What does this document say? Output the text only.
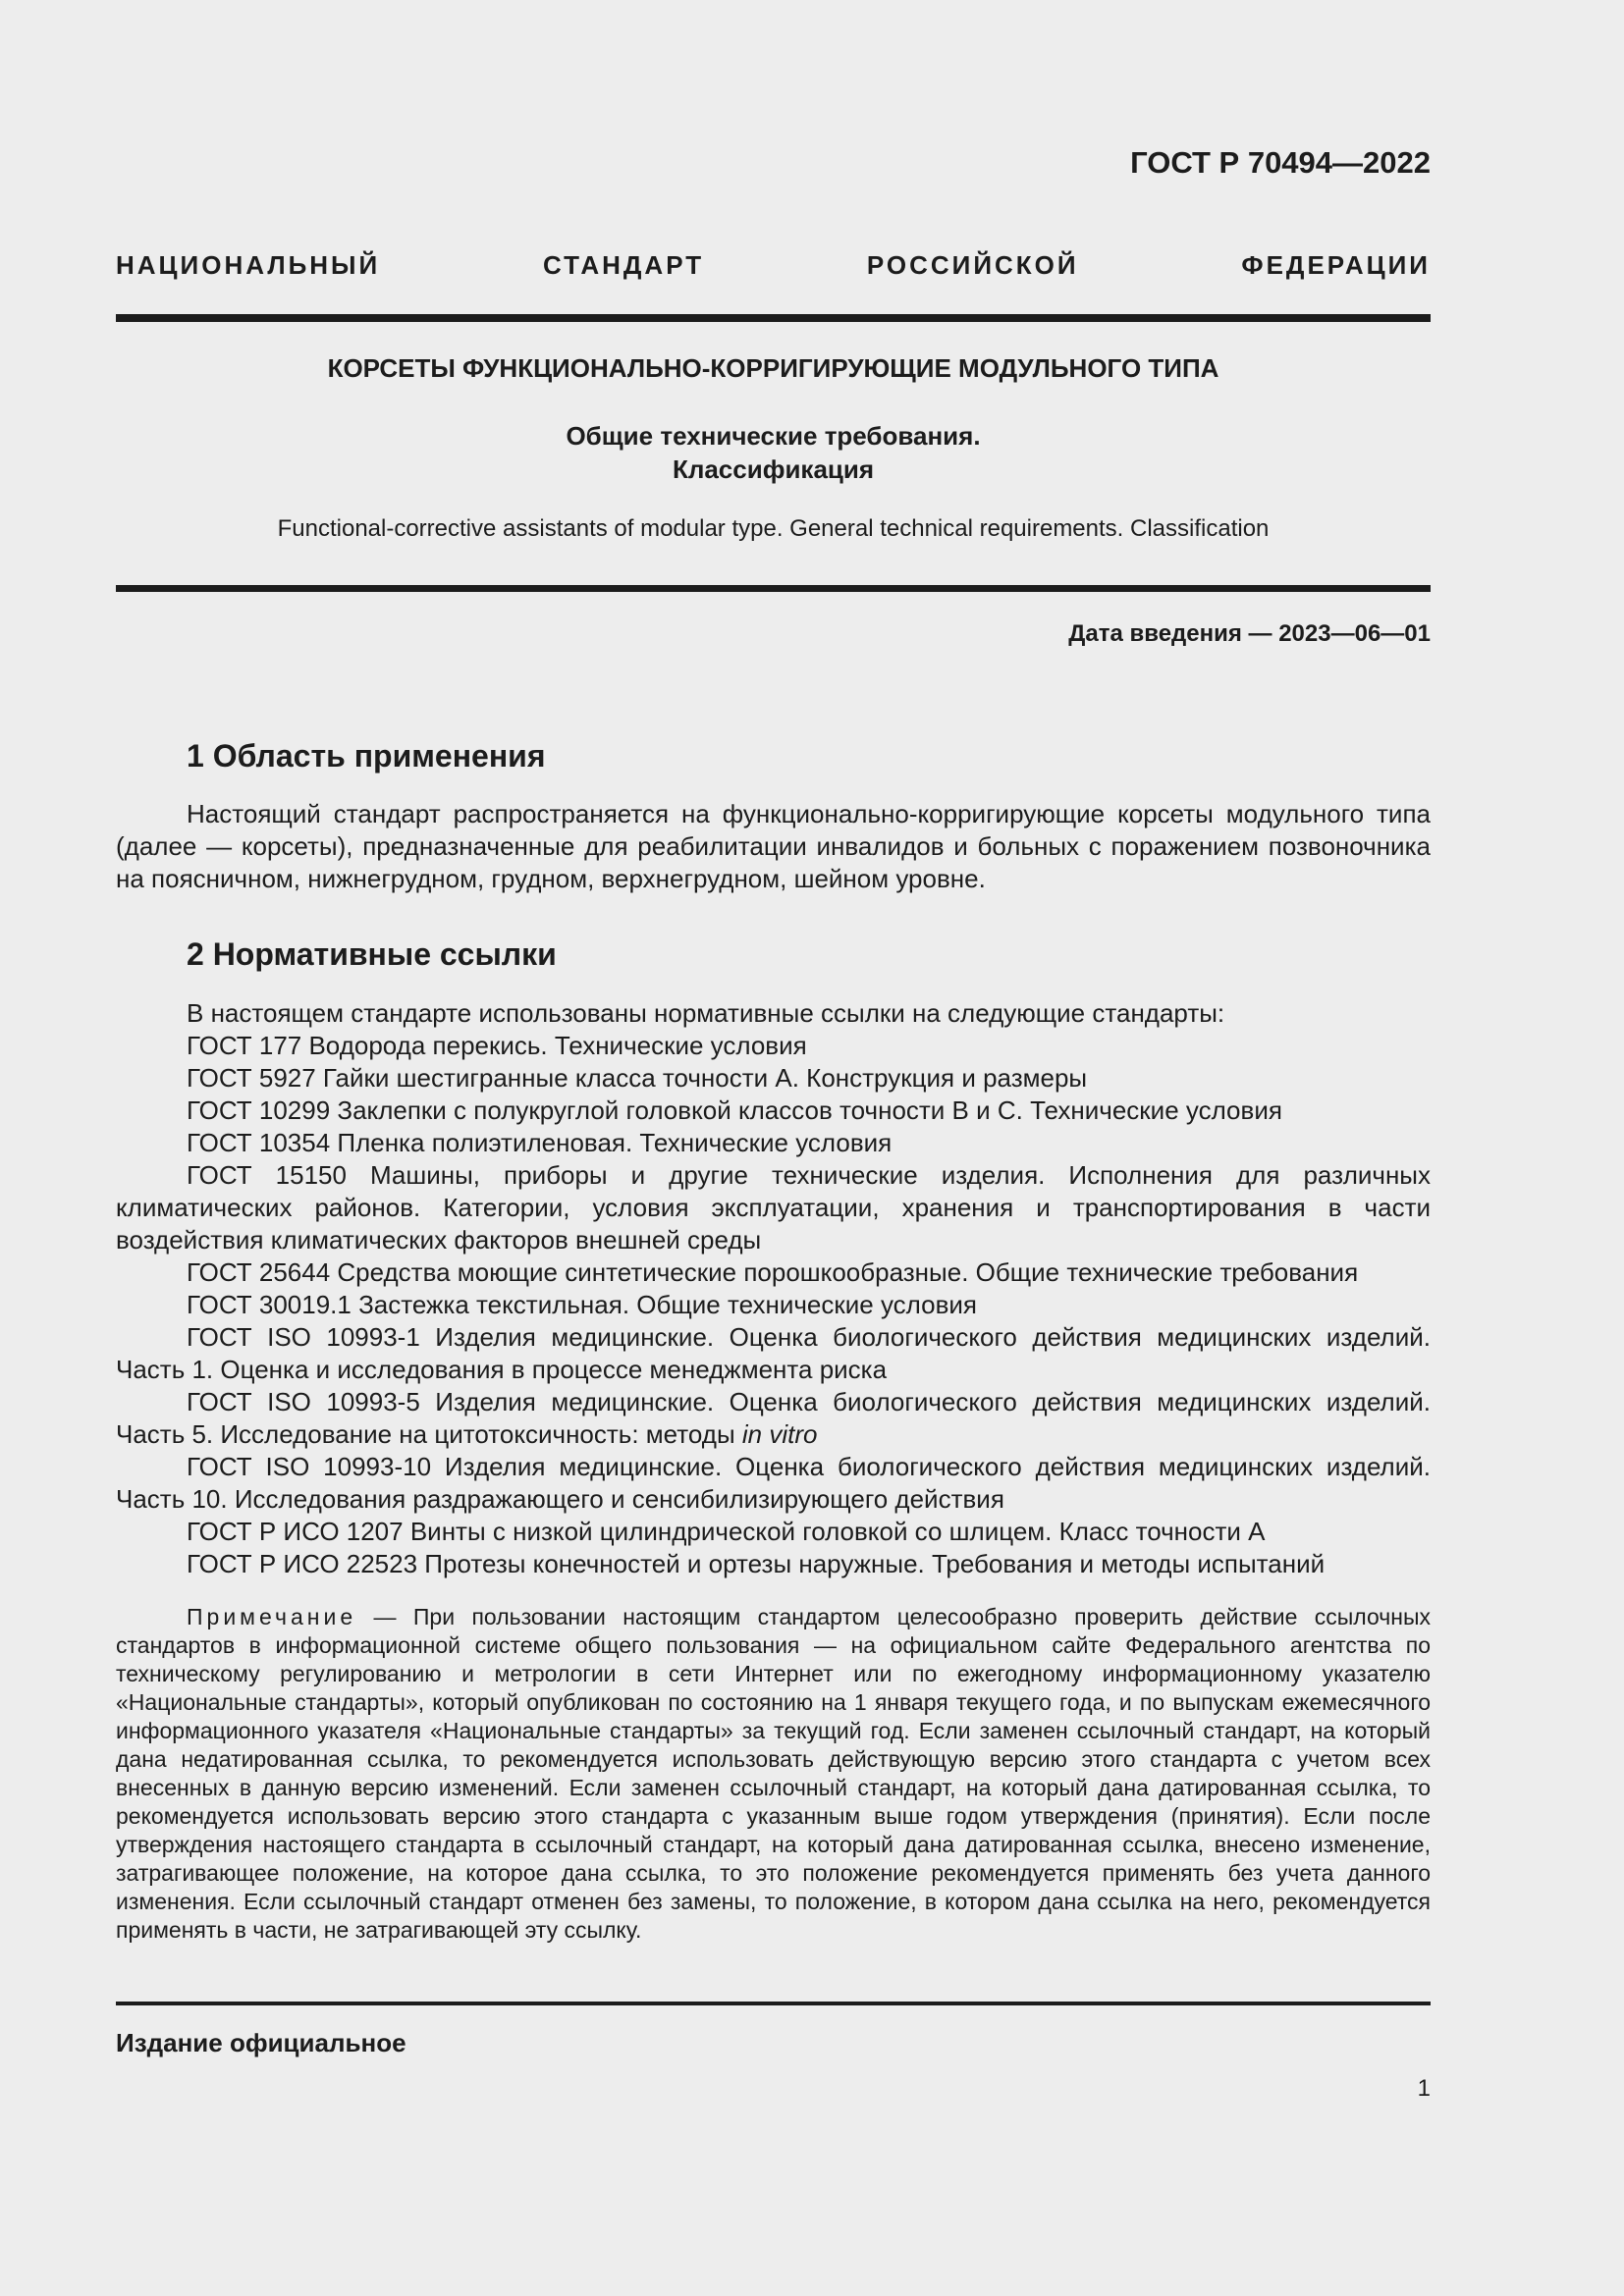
ГОСТ Р 70494—2022
НАЦИОНАЛЬНЫЙ СТАНДАРТ РОССИЙСКОЙ ФЕДЕРАЦИИ
КОРСЕТЫ ФУНКЦИОНАЛЬНО-КОРРИГИРУЮЩИЕ МОДУЛЬНОГО ТИПА
Общие технические требования.
Классификация
Functional-corrective assistants of modular type. General technical requirements. Classification
Дата введения — 2023—06—01
1 Область применения

Настоящий стандарт распространяется на функционально-корригирующие корсеты модульного типа (далее — корсеты), предназначенные для реабилитации инвалидов и больных с поражением позвоночника на поясничном, нижнегрудном, грудном, верхнегрудном, шейном уровне.

2 Нормативные ссылки

В настоящем стандарте использованы нормативные ссылки на следующие стандарты:

ГОСТ 177 Водорода перекись. Технические условия

ГОСТ 5927 Гайки шестигранные класса точности А. Конструкция и размеры

ГОСТ 10299 Заклепки с полукруглой головкой классов точности В и С. Технические условия

ГОСТ 10354 Пленка полиэтиленовая. Технические условия

ГОСТ 15150 Машины, приборы и другие технические изделия. Исполнения для различных климатических районов. Категории, условия эксплуатации, хранения и транспортирования в части воздействия климатических факторов внешней среды

ГОСТ 25644 Средства моющие синтетические порошкообразные. Общие технические требования

ГОСТ 30019.1 Застежка текстильная. Общие технические условия

ГОСТ ISO 10993-1 Изделия медицинские. Оценка биологического действия медицинских изделий. Часть 1. Оценка и исследования в процессе менеджмента риска

ГОСТ ISO 10993-5 Изделия медицинские. Оценка биологического действия медицинских изделий. Часть 5. Исследование на цитотоксичность: методы in vitro

ГОСТ ISO 10993-10 Изделия медицинские. Оценка биологического действия медицинских изделий. Часть 10. Исследования раздражающего и сенсибилизирующего действия

ГОСТ Р ИСО 1207 Винты с низкой цилиндрической головкой со шлицем. Класс точности А

ГОСТ Р ИСО 22523 Протезы конечностей и ортезы наружные. Требования и методы испытаний

Примечание — При пользовании настоящим стандартом целесообразно проверить действие ссылочных стандартов в информационной системе общего пользования — на официальном сайте Федерального агентства по техническому регулированию и метрологии в сети Интернет или по ежегодному информационному указателю «Национальные стандарты», который опубликован по состоянию на 1 января текущего года, и по выпускам ежемесячного информационного указателя «Национальные стандарты» за текущий год. Если заменен ссылочный стандарт, на который дана недатированная ссылка, то рекомендуется использовать действующую версию этого стандарта с учетом всех внесенных в данную версию изменений. Если заменен ссылочный стандарт, на который дана датированная ссылка, то рекомендуется использовать версию этого стандарта с указанным выше годом утверждения (принятия). Если после утверждения настоящего стандарта в ссылочный стандарт, на который дана датированная ссылка, внесено изменение, затрагивающее положение, на которое дана ссылка, то это положение рекомендуется применять без учета данного изменения. Если ссылочный стандарт отменен без замены, то положение, в котором дана ссылка на него, рекомендуется применять в части, не затрагивающей эту ссылку.

Издание официальное
1
